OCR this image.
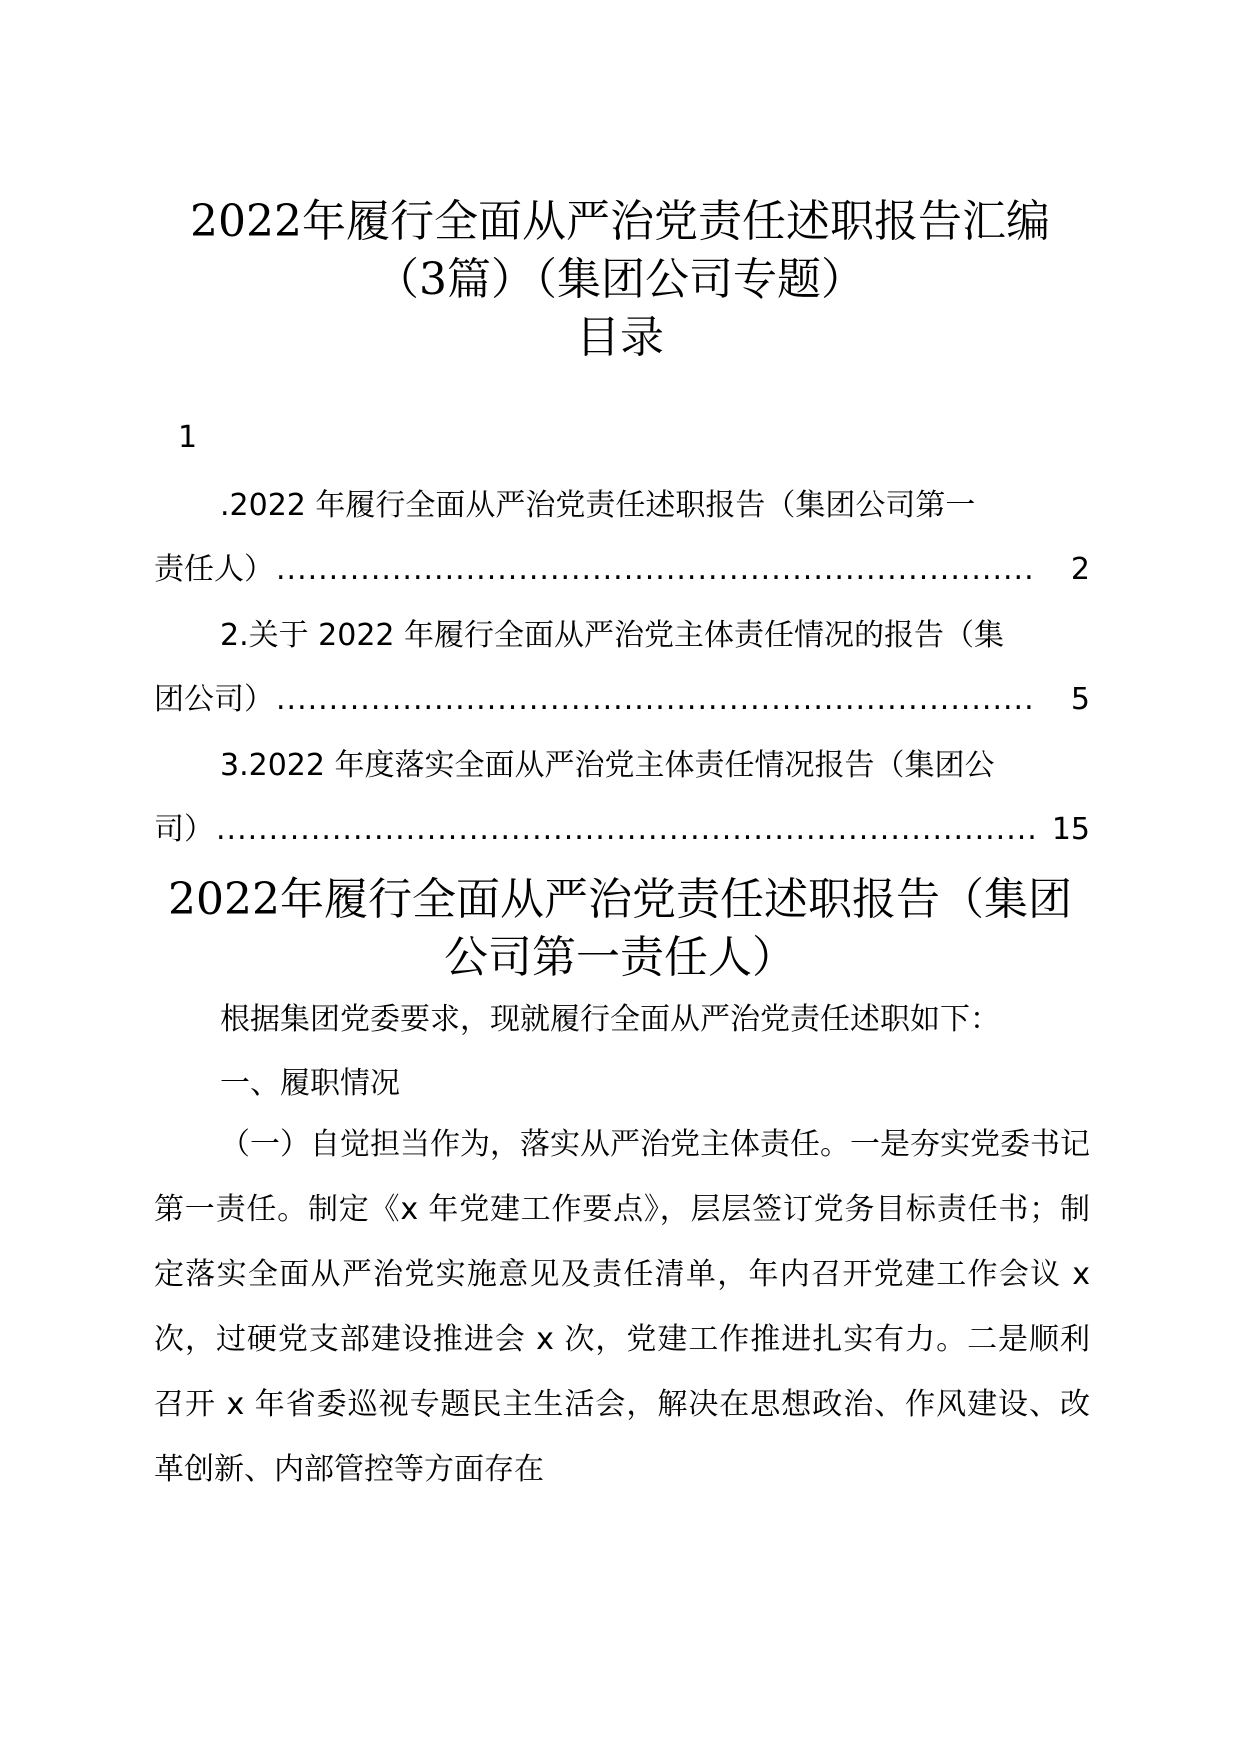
2022年履行全面从严治党责任述职报告汇编
（3篇）（集团公司专题）
目录
1
.2022 年履行全面从严治党责任述职报告（集团公司第一
责任人） ........................................................................	2
2.关于 2022 年履行全面从严治党主体责任情况的报告（集
团公司） ........................................................................	5
3.2022 年度落实全面从严治党主体责任情况报告（集团公
司） .............................................................................. 15
2022年履行全面从严治党责任述职报告（集团
公司第一责任人）
根据集团党委要求，现就履行全面从严治党责任述职如下：
一、履职情况
（一）自觉担当作为，落实从严治党主体责任。一是夯实党委书记第一责任。制定《x 年党建工作要点》，层层签订党务目标责任书；制定落实全面从严治党实施意见及责任清单，年内召开党建工作会议 x 次，过硬党支部建设推进会 x 次，党建工作推进扎实有力。二是顺利召开 x 年省委巡视专题民主生活会，解决在思想政治、作风建设、改革创新、内部管控等方面存在
